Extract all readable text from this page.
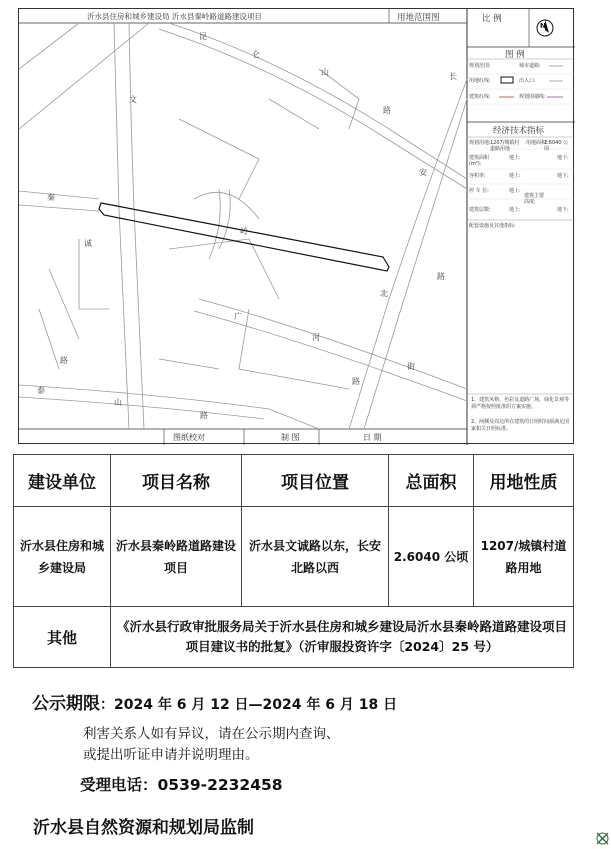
昆
仑
山
路
长
安
文
诚
路
秦
岭
路
北
街
广
河
路
泰
山
路
沂水县住房和城乡建设局 沂水县秦岭路道路建设项目	用地范围图	比 例
N
图 例
规划范围:	城市道路:
用地红线:	出入口:
建筑红线:	规划围墙线:
经济技术指标
规划用地: 1207/城镇村道路用地
用地面积:
2.6040 公顷
建筑面积(m²):
地上:	地下:
容积率:	地上:	地下:
停 车 位:	地上:
建筑主要高度:
建筑层数:	地上:	地下:
配套设施及其他指标:
1、建筑风格、色彩及道路广场、绿化景观等须严格按照批准的方案实施。
2、两侧及周边所在建筑的日照时间须满足国家相关日照标准。
图纸校对	制 图	日 期
建设单位	项目名称	项目位置	总面积	用地性质
沂水县住房和城乡建设局	沂水县秦岭路道路建设项目	沂水县文诚路以东，长安北路以西	2.6040 公顷	1207/城镇村道路用地
其他	《沂水县行政审批服务局关于沂水县住房和城乡建设局沂水县秦岭路道路建设项目项目建议书的批复》（沂审服投资许字〔2024〕25 号）			
公示期限：2024 年 6 月 12 日—2024 年 6 月 18 日
利害关系人如有异议，请在公示期内查询、
或提出听证申请并说明理由。
受理电话：0539-2232458
沂水县自然资源和规划局监制
